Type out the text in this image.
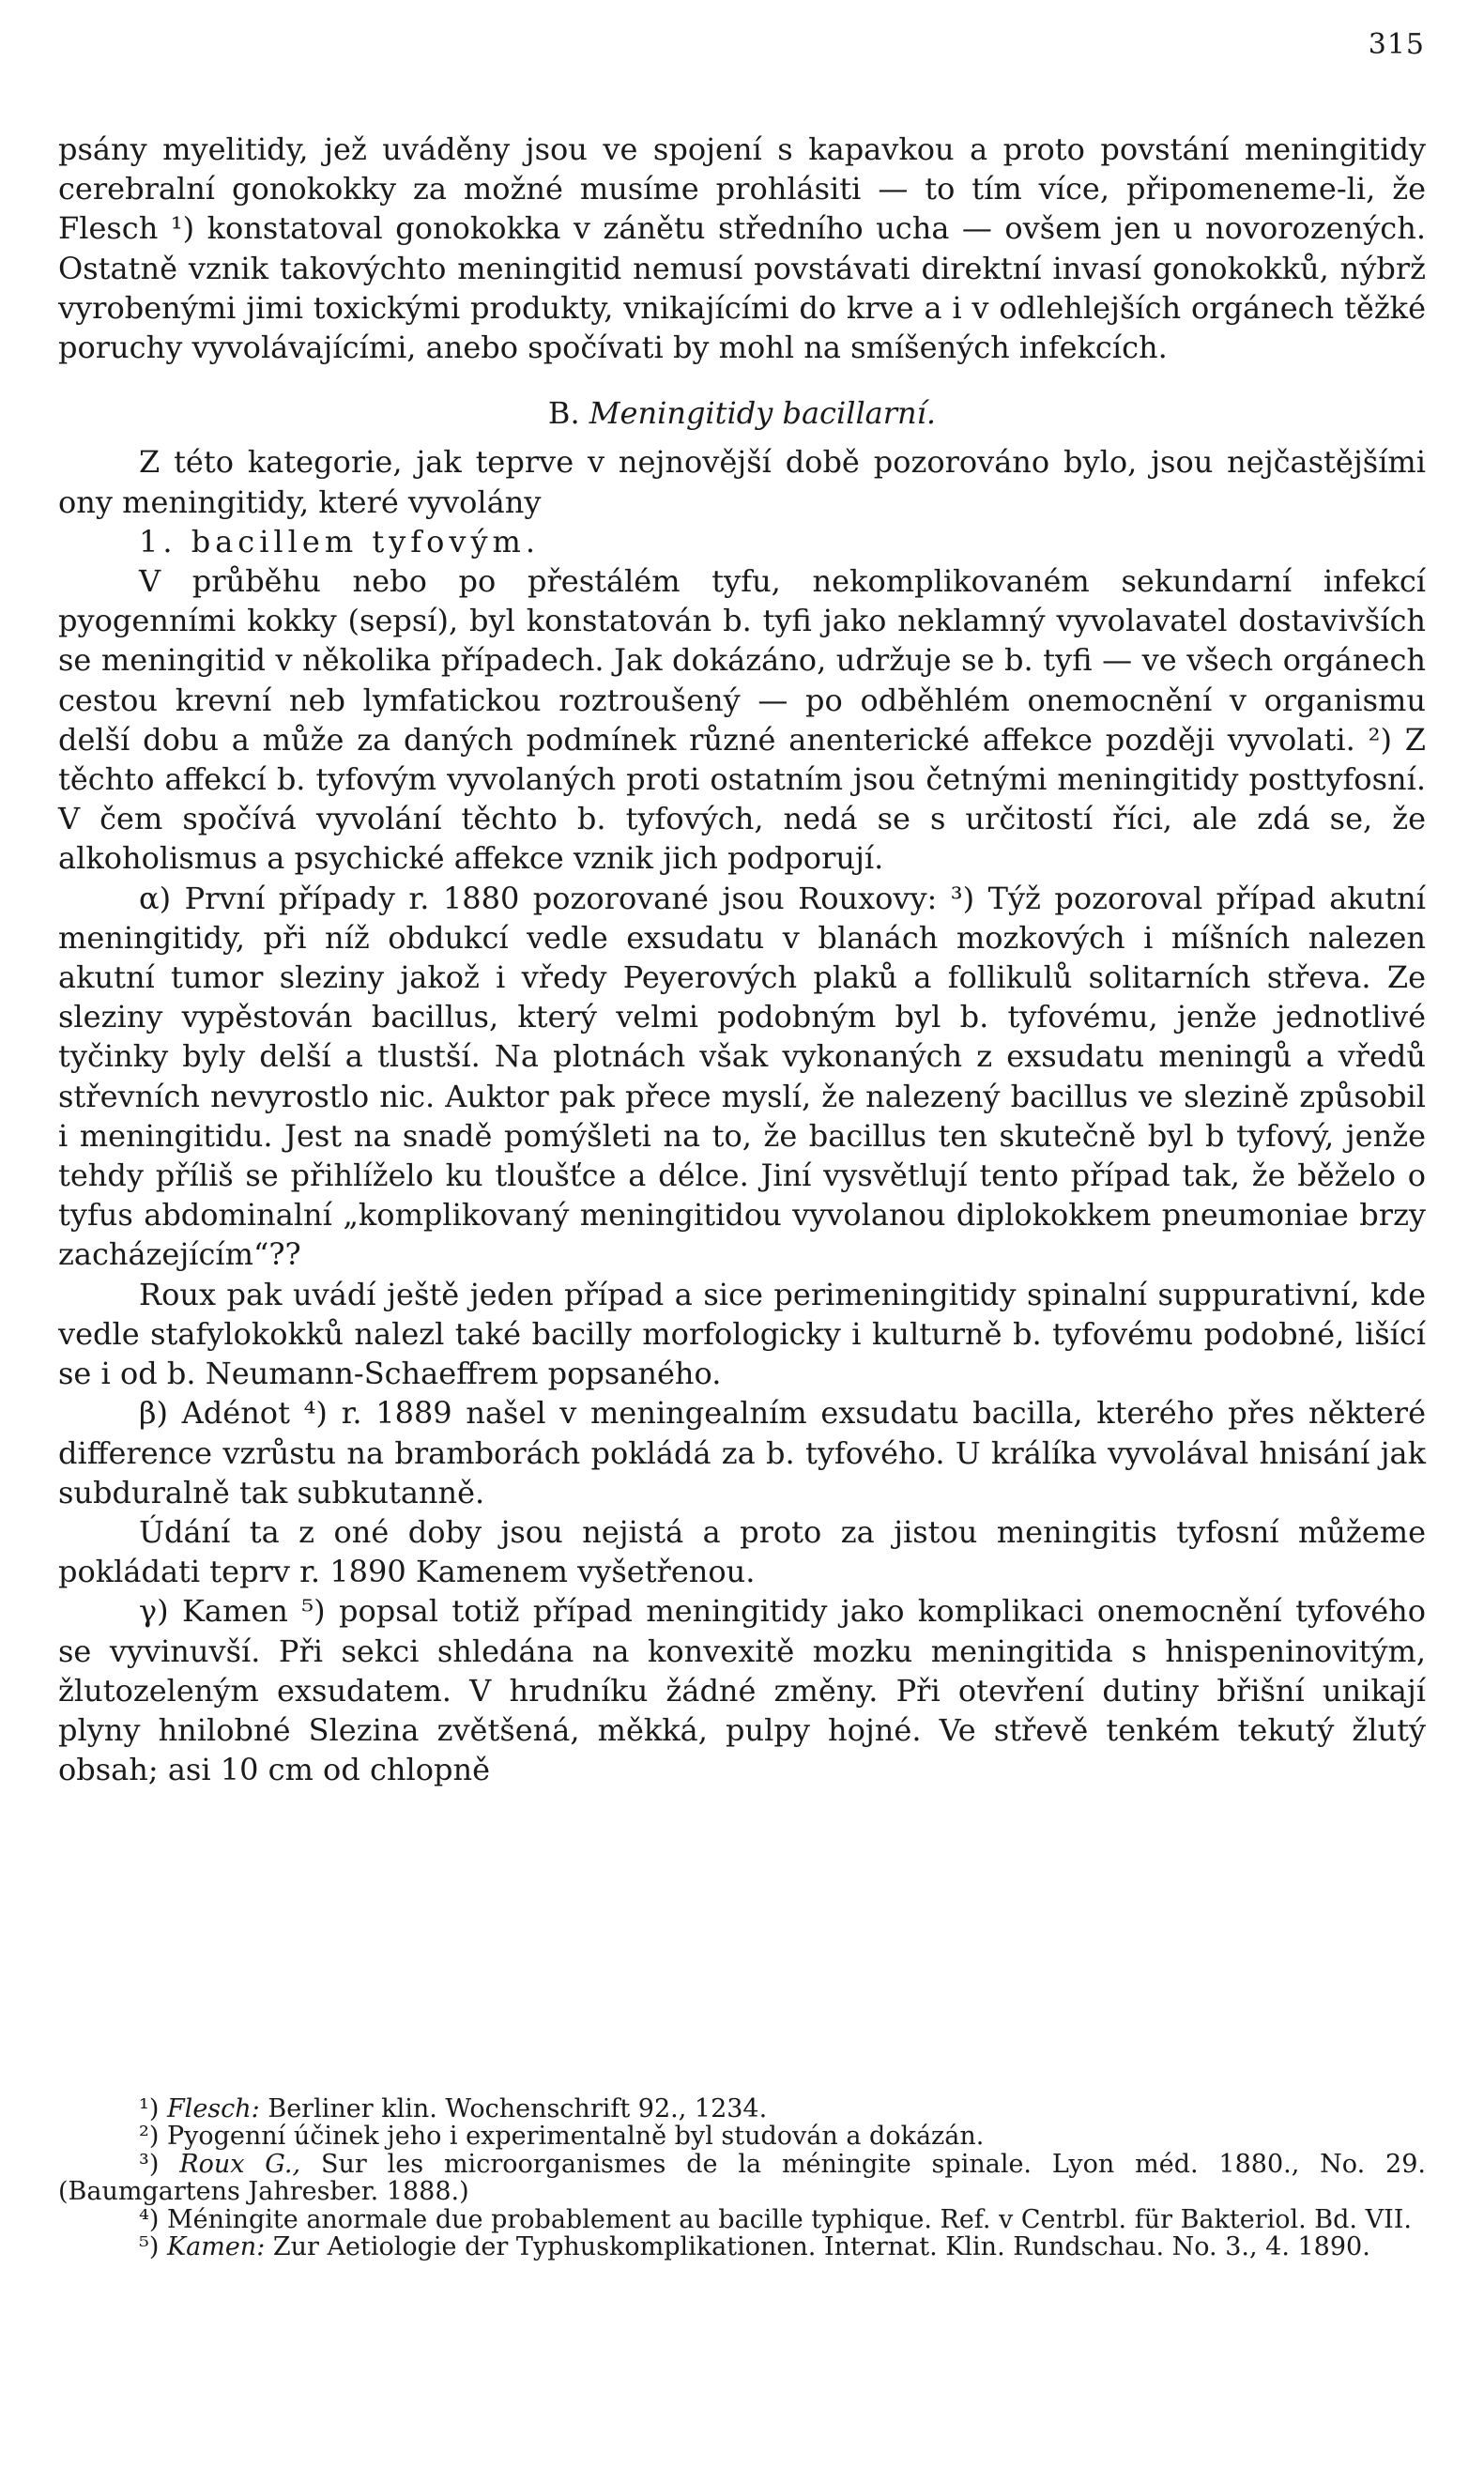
315

psány myelitidy, jež uváděny jsou ve spojení s kapavkou a proto povstání meningitidy cerebralní gonokokky za možné musíme prohlásiti — to tím více, připomeneme-li, že Flesch ¹) konstatoval gonokokka v zánětu středního ucha — ovšem jen u novorozených. Ostatně vznik takovýchto meningitid nemusí povstávati direktní invasí gonokokků, nýbrž vyrobenými jimi toxickými produkty, vnikajícími do krve a i v odlehlejších orgánech těžké poruchy vyvolávajícími, anebo spočívati by mohl na smíšených infekcích.

B. Meningitidy bacillarní.

Z této kategorie, jak teprve v nejnovější době pozorováno bylo, jsou nejčastějšími ony meningitidy, které vyvolány

1. bacillem tyfovým.

V průběhu nebo po přestálém tyfu, nekomplikovaném sekundarní infekcí pyogenními kokky (sepsí), byl konstatován b. tyfi jako neklamný vyvolavatel dostavivších se meningitid v několika případech. Jak dokázáno, udržuje se b. tyfi — ve všech orgánech cestou krevní neb lymfatickou roztroušený — po odběhlém onemocnění v organismu delší dobu a může za daných podmínek různé anenterické affekce později vyvolati. ²) Z těchto affekcí b. tyfovým vyvolaných proti ostatním jsou četnými meningitidy posttyfosní. V čem spočívá vyvolání těchto b. tyfových, nedá se s určitostí říci, ale zdá se, že alkoholismus a psychické affekce vznik jich podporují.

α) První případy r. 1880 pozorované jsou Rouxovy: ³) Týž pozoroval případ akutní meningitidy, při níž obdukcí vedle exsudatu v blanách mozkových i míšních nalezen akutní tumor sleziny jakož i vředy Peyerových plaků a follikulů solitarních střeva. Ze sleziny vypěstován bacillus, který velmi podobným byl b. tyfovému, jenže jednotlivé tyčinky byly delší a tlustší. Na plotnách však vykonaných z exsudatu meningů a vředů střevních nevyrostlo nic. Auktor pak přece myslí, že nalezený bacillus ve slezině způsobil i meningitidu. Jest na snadě pomýšleti na to, že bacillus ten skutečně byl b tyfový, jenže tehdy příliš se přihlíželo ku tloušťce a délce. Jiní vysvětlují tento případ tak, že běželo o tyfus abdominalní „komplikovaný meningitidou vyvolanou diplokokkem pneumoniae brzy zacházejícím“??

Roux pak uvádí ještě jeden případ a sice perimeningitidy spinalní suppurativní, kde vedle stafylokokků nalezl také bacilly morfologicky i kulturně b. tyfovému podobné, lišící se i od b. Neumann-Schaeffrem popsaného.

β) Adénot ⁴) r. 1889 našel v meningealním exsudatu bacilla, kterého přes některé difference vzrůstu na bramborách pokládá za b. tyfového. U králíka vyvolával hnisání jak subduralně tak subkutanně.

Údání ta z oné doby jsou nejistá a proto za jistou meningitis tyfosní můžeme pokládati teprv r. 1890 Kamenem vyšetřenou.

γ) Kamen ⁵) popsal totiž případ meningitidy jako komplikaci onemocnění tyfového se vyvinuvší. Při sekci shledána na konvexitě mozku meningitida s hnispeninovitým, žlutozeleným exsudatem. V hrudníku žádné změny. Při otevření dutiny břišní unikají plyny hnilobné Slezina zvětšená, měkká, pulpy hojné. Ve střevě tenkém tekutý žlutý obsah; asi 10 cm od chlopně

¹) Flesch: Berliner klin. Wochenschrift 92., 1234.

²) Pyogenní účinek jeho i experimentalně byl studován a dokázán.

³) Roux G., Sur les microorganismes de la méningite spinale. Lyon méd. 1880., No. 29. (Baumgartens Jahresber. 1888.)

⁴) Méningite anormale due probablement au bacille typhique. Ref. v Centrbl. für Bakteriol. Bd. VII.

⁵) Kamen: Zur Aetiologie der Typhuskomplikationen. Internat. Klin. Rundschau. No. 3., 4. 1890.
